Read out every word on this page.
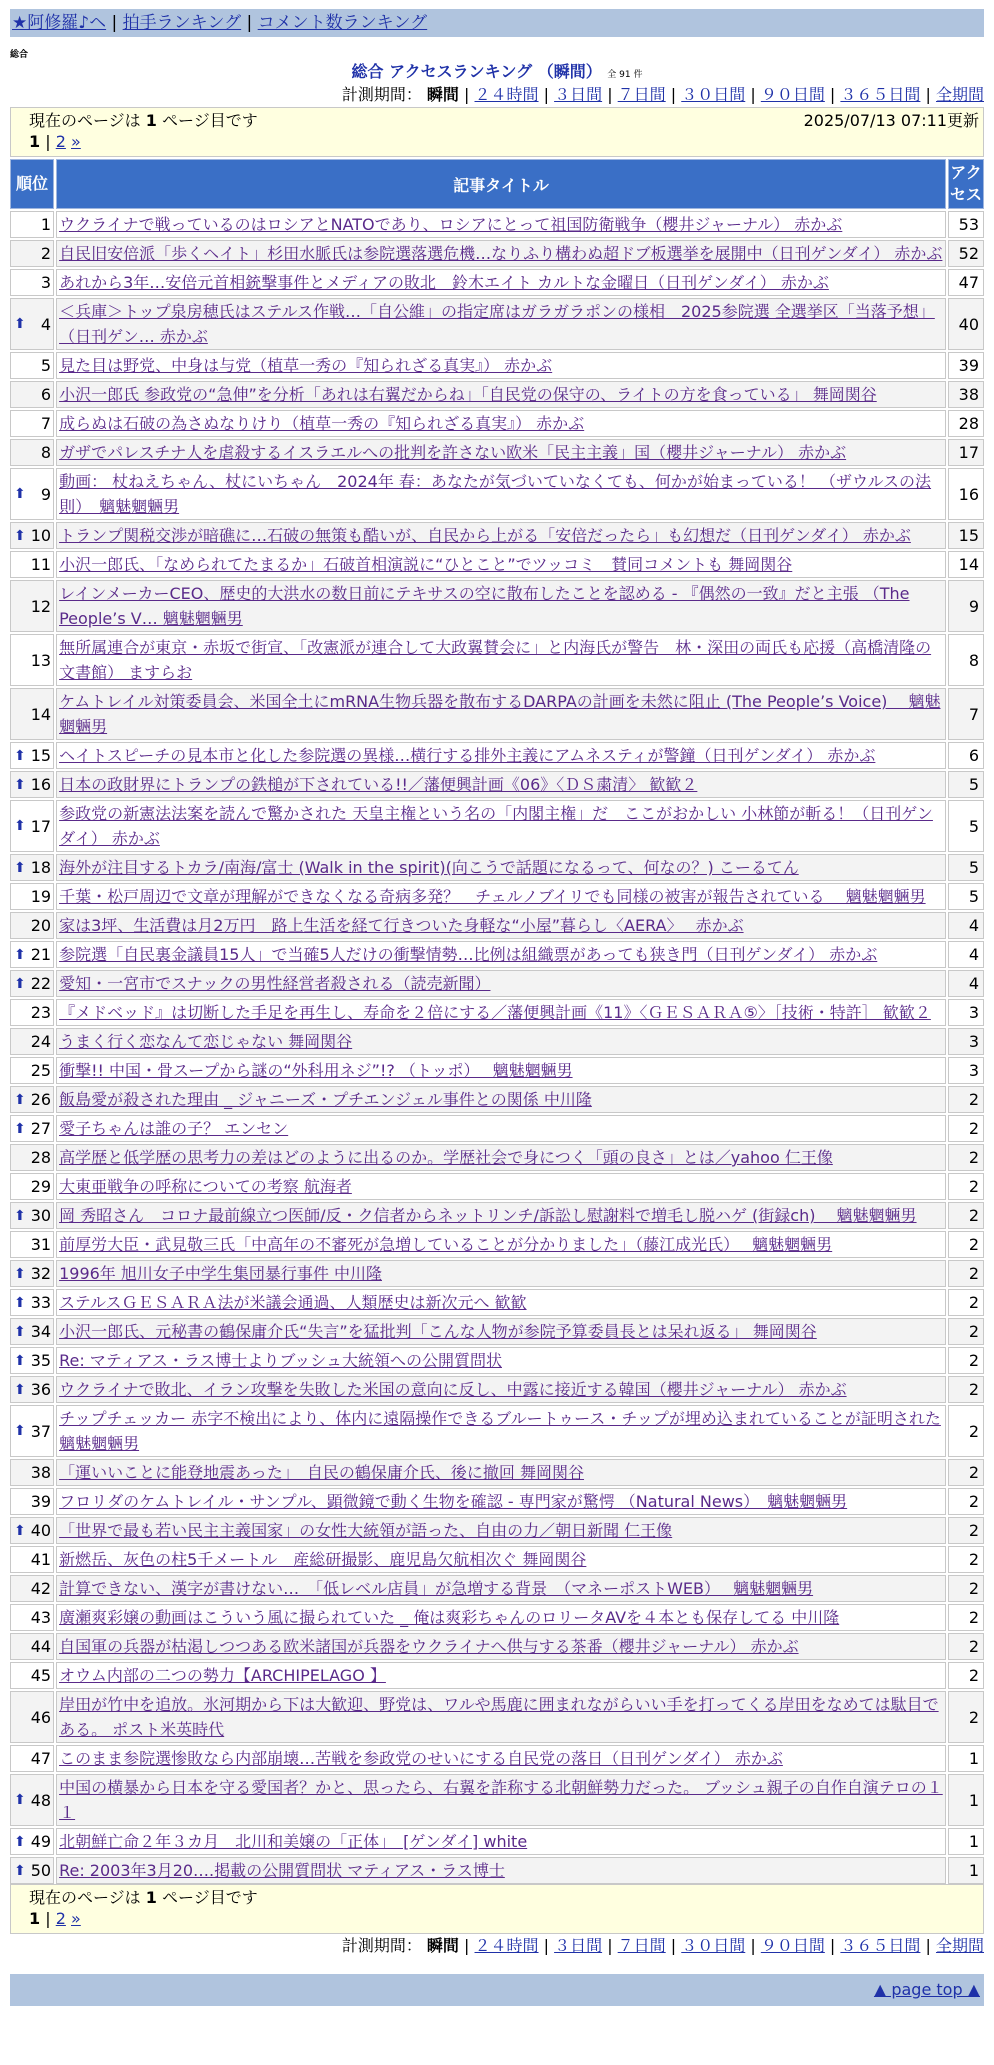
★阿修羅♪ヘ | 拍手ランキング | コメント数ランキング
総合
総合 アクセスランキング （瞬間） 全 91 件
計測期間： 瞬間 | ２４時間 | ３日間 | ７日間 | ３０日間 | ９０日間 | ３６５日間 | 全期間
現在のページは 1 ページ目です	2025/07/13 07:11更新
1 | 2 »
順位	記事タイトル	アクセス
1	ウクライナで戦っているのはロシアとNATOであり、ロシアにとって祖国防衛戦争（櫻井ジャーナル） 赤かぶ	53
2	自民旧安倍派「歩くヘイト」杉田水脈氏は参院選落選危機…なりふり構わぬ超ドブ板選挙を展開中（日刊ゲンダイ） 赤かぶ	52
3	あれから3年…安倍元首相銃撃事件とメディアの敗北　鈴木エイト カルトな金曜日（日刊ゲンダイ） 赤かぶ	47

⬆ 4	＜兵庫＞トップ泉房穂氏はステルス作戦…「自公維」の指定席はガラガラポンの様相　2025参院選 全選挙区「当落予想」（日刊ゲン… 赤かぶ	40
5	見た目は野党、中身は与党（植草一秀の『知られざる真実』） 赤かぶ	39
6	小沢一郎氏 参政党の“急伸”を分析「あれは右翼だからね」「自民党の保守の、ライトの方を食っている」 舞岡関谷	38
7	成らぬは石破の為さぬなりけり（植草一秀の『知られざる真実』） 赤かぶ	28
8	ガザでパレスチナ人を虐殺するイスラエルへの批判を許さない欧米「民主主義」国（櫻井ジャーナル） 赤かぶ	17

⬆ 9	動画： 杖ねえちゃん、杖にいちゃん　2024年 春：あなたが気づいていなくても、何かが始まっている！ （ザウルスの法則）　魑魅魍魎男	16

⬆ 10	トランプ関税交渉が暗礁に…石破の無策も酷いが、自民から上がる「安倍だったら」も幻想だ（日刊ゲンダイ） 赤かぶ	15
11	小沢一郎氏、「なめられてたまるか」石破首相演説に“ひとこと”でツッコミ　賛同コメントも 舞岡関谷	14
12	レインメーカーCEO、歴史的大洪水の数日前にテキサスの空に散布したことを認める - 『偶然の一致』だと主張 （The People’s V… 魑魅魍魎男	9
13	無所属連合が東京・赤坂で街宣、「改憲派が連合して大政翼賛会に」と内海氏が警告　林・深田の両氏も応援（高橋清隆の文書館） ますらお	8
14	ケムトレイル対策委員会、米国全土にmRNA生物兵器を散布するDARPAの計画を未然に阻止 (The People’s Voice)　 魑魅魍魎男	7

⬆ 15	ヘイトスピーチの見本市と化した参院選の異様…横行する排外主義にアムネスティが警鐘（日刊ゲンダイ） 赤かぶ	6

⬆ 16	日本の政財界にトランプの鉄槌が下されている!!／藩便興計画《06》〈ＤＳ粛清〉 歓歓２	5

⬆ 17	参政党の新憲法法案を読んで驚かされた 天皇主権という名の「内閣主権」だ　ここがおかしい 小林節が斬る！（日刊ゲンダイ） 赤かぶ	5

⬆ 18	海外が注目するトカラ/南海/富士 (Walk in the spirit)(向こうで話題になるって、何なの？) こーるてん	5
19	千葉・松戸周辺で文章が理解ができなくなる奇病多発？　チェルノブイリでも同様の被害が報告されている　 魑魅魍魎男	5
20	家は3坪、生活費は月2万円　路上生活を経て行きついた身軽な“小屋”暮らし〈AERA〉　 赤かぶ	4

⬆ 21	参院選「自民裏金議員15人」で当確5人だけの衝撃情勢…比例は組織票があっても狭き門（日刊ゲンダイ） 赤かぶ	4

⬆ 22	愛知・一宮市でスナックの男性経営者殺される（読売新聞）	4
23	『メドベッド』は切断した手足を再生し、寿命を２倍にする／藩便興計画《11》〈ＧＥＳＡＲＡ⑤〉［技術・特許］ 歓歓２	3
24	うまく行く恋なんて恋じゃない 舞岡関谷	3
25	衝撃!! 中国・骨スープから謎の“外科用ネジ”!? （トッポ）　 魑魅魍魎男	3

⬆ 26	飯島愛が殺された理由 _ ジャニーズ・プチエンジェル事件との関係 中川隆	2

⬆ 27	愛子ちゃんは誰の子？ エンセン	2
28	高学歴と低学歴の思考力の差はどのように出るのか。学歴社会で身につく「頭の良さ」とは／yahoo 仁王像	2
29	大東亜戦争の呼称についての考察 航海者	2

⬆ 30	岡 秀昭さん　コロナ最前線立つ医師/反・ク信者からネットリンチ/訴訟し慰謝料で増毛し脱ハゲ (街録ch)　 魑魅魍魎男	2
31	前厚労大臣・武見敬三氏「中高年の不審死が急増していることが分かりました」（藤江成光氏）　 魑魅魍魎男	2

⬆ 32	1996年 旭川女子中学生集団暴行事件 中川隆	2

⬆ 33	ステルスＧＥＳＡＲＡ法が米議会通過、人類歴史は新次元へ 歓歓	2

⬆ 34	小沢一郎氏、元秘書の鶴保庸介氏“失言”を猛批判「こんな人物が参院予算委員長とは呆れ返る」 舞岡関谷	2

⬆ 35	Re: マティアス・ラス博士よりブッシュ大統領への公開質問状	2

⬆ 36	ウクライナで敗北、イラン攻撃を失敗した米国の意向に反し、中露に接近する韓国（櫻井ジャーナル） 赤かぶ	2

⬆ 37	チップチェッカー 赤字不検出により、体内に遠隔操作できるブルートゥース・チップが埋め込まれていることが証明された 魑魅魍魎男	2
38	「運いいことに能登地震あった」　自民の鶴保庸介氏、後に撤回 舞岡関谷	2
39	フロリダのケムトレイル・サンプル、顕微鏡で動く生物を確認 - 専門家が驚愕 （Natural News）　魑魅魍魎男	2

⬆ 40	「世界で最も若い民主主義国家」の女性大統領が語った、自由の力／朝日新聞 仁王像	2
41	新燃岳、灰色の柱5千メートル　産総研撮影、鹿児島欠航相次ぐ 舞岡関谷	2
42	計算できない、漢字が書けない…　「低レベル店員」が急増する背景　（マネーポストWEB）　 魑魅魍魎男	2
43	廣瀬爽彩嬢の動画はこういう風に撮られていた _ 俺は爽彩ちゃんのロリータAVを４本とも保存してる 中川隆	2
44	自国軍の兵器が枯渇しつつある欧米諸国が兵器をウクライナへ供与する茶番（櫻井ジャーナル） 赤かぶ	2
45	オウム内部の二つの勢力【ARCHIPELAGO 】	2
46	岸田が竹中を追放。氷河期から下は大歓迎、野党は、ワルや馬鹿に囲まれながらいい手を打ってくる岸田をなめては駄目である。 ポスト米英時代	2
47	このまま参院選惨敗なら内部崩壊…苦戦を参政党のせいにする自民党の落日（日刊ゲンダイ） 赤かぶ	1

⬆ 48	中国の横暴から日本を守る愛国者？かと、思ったら、右翼を詐称する北朝鮮勢力だった。 ブッシュ親子の自作自演テロの１１	1

⬆ 49	北朝鮮亡命２年３カ月　北川和美嬢の「正体」　[ゲンダイ] white	1

⬆ 50	Re: 2003年3月20….掲載の公開質問状 マティアス・ラス博士	1
現在のページは 1 ページ目です
1 | 2 »
計測期間： 瞬間 | ２４時間 | ３日間 | ７日間 | ３０日間 | ９０日間 | ３６５日間 | 全期間
▲ page top ▲
